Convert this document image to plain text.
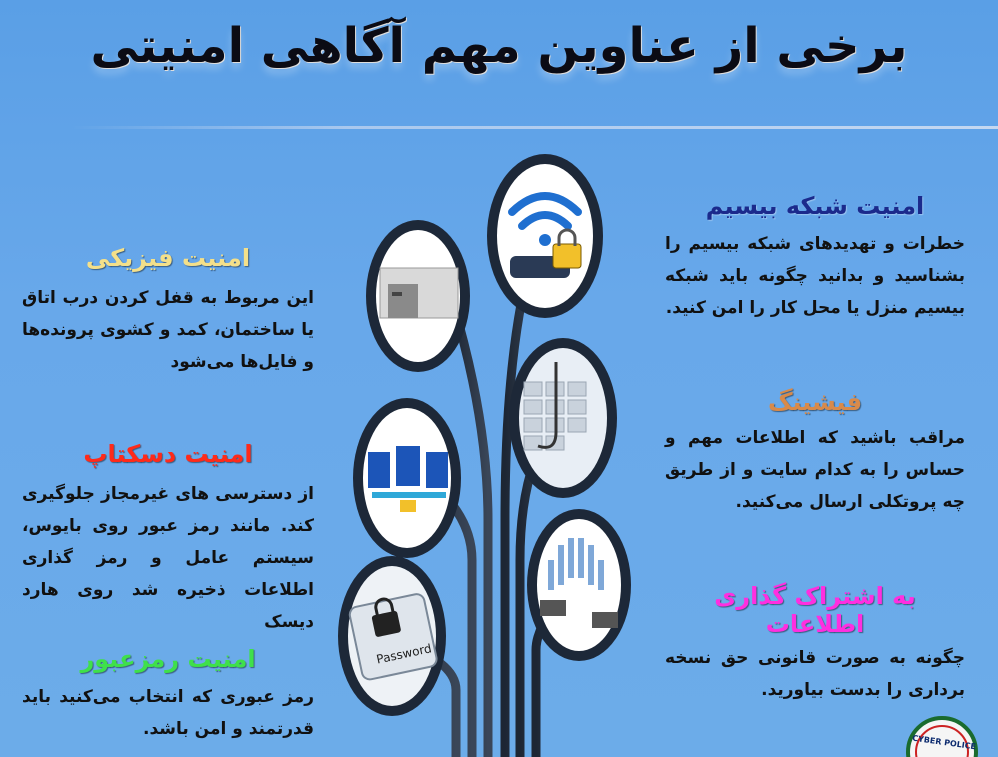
برخی از عناوین مهم آگاهی امنیتی
Password
CYBER POLICE
امنیت شبکه بیسیم
خطرات و تهدیدهای شبکه بیسیم را بشناسید و بدانید چگونه باید شبکه بیسیم منزل یا محل کار را امن کنید.
فیشینگ
مراقب باشید که اطلاعات مهم و حساس را به کدام سایت و از طریق چه پروتکلی ارسال می‌کنید.
به اشتراک گذاری اطلاعات
چگونه به صورت قانونی حق نسخه برداری را بدست بیاورید.
امنیت فیزیکی
این مربوط به قفل کردن درب اتاق یا ساختمان، کمد و کشوی پرونده‌ها و فایل‌ها می‌شود
امنیت دسکتاپ
از دسترسی های غیرمجاز جلوگیری کند. مانند رمز عبور روی بایوس، سیستم عامل و رمز گذاری اطلاعات ذخیره شد روی هارد دیسک
امنیت رمزعبور
رمز عبوری که انتخاب می‌کنید باید قدرتمند و امن باشد.
